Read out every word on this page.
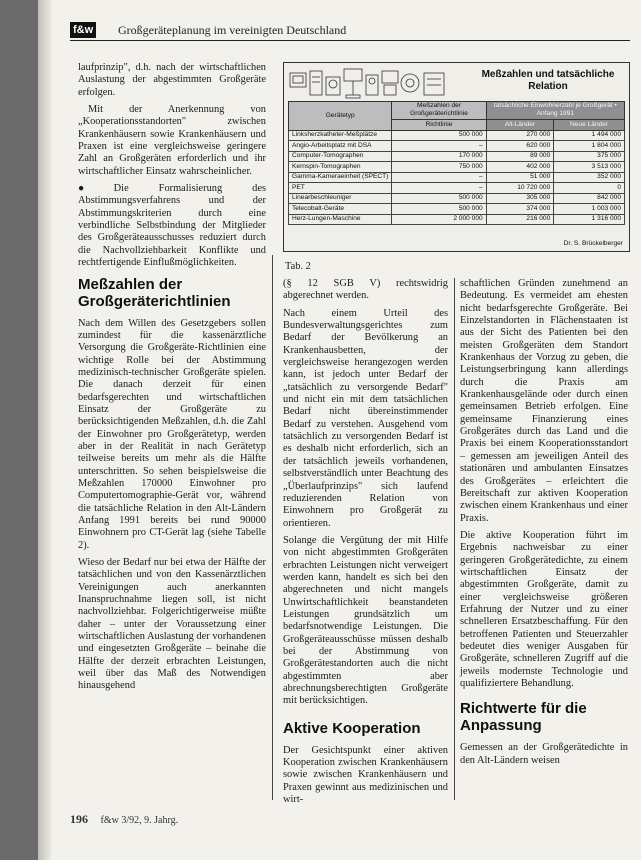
f&w Großgeräteplanung im vereinigten Deutschland

laufprinzip", d.h. nach der wirtschaftlichen Auslastung der abgestimmten Großgeräte erfolgen.

Mit der Anerkennung von „Kooperationsstandorten" zwischen Krankenhäusern sowie Krankenhäusern und Praxen ist eine vergleichsweise geringere Zahl an Großgeräten erforderlich und ihr wirtschaftlicher Einsatz wahrscheinlicher.

● Die Formalisierung des Abstimmungsverfahrens und der Abstimmungskriterien durch eine verbindliche Selbstbindung der Mitglieder des Großgeräteausschusses reduziert durch die Nachvollziehbarkeit Konflikte und rechtfertigende Einflußmöglichkeiten.

Meßzahlen der Großgeräterichtlinien

Nach dem Willen des Gesetzgebers sollen zumindest für die kassenärztliche Versorgung die Großgeräte-Richtlinien eine wichtige Rolle bei der Abstimmung medizinisch-technischer Großgeräte spielen. Die danach derzeit für einen bedarfsgerechten und wirtschaftlichen Einsatz der Großgeräte zu berücksichtigenden Meßzahlen, d.h. die Zahl der Einwohner pro Großgerätetyp, werden aber in der Realität in nach Gerätetyp teilweise bereits um mehr als die Hälfte unterschritten. So sehen beispielsweise die Meßzahlen 170000 Einwohner pro Computertomographie-Gerät vor, während die tatsächliche Relation in den Alt-Ländern Anfang 1991 bereits bei rund 90000 Einwohnern pro CT-Gerät lag (siehe Tabelle 2).

Wieso der Bedarf nur bei etwa der Hälfte der tatsächlichen und von den Kassenärztlichen Vereinigungen auch anerkannten Inanspruchnahme liegen soll, ist nicht nachvollziehbar. Folgerichtigerweise müßte daher – unter der Voraussetzung einer wirtschaftlichen Auslastung der vorhandenen und eingesetzten Großgeräte – beinahe die Hälfte der derzeit erbrachten Leistungen, weil über das Maß des Notwendigen hinausgehend

Meßzahlen und tatsächliche Relation
Gerätetyp	Meßzahlen der Großgeräterichtlinie	tatsächliche Einwohnerzahl je Großgerät • Anfang 1991	
	Richtlinie	Alt-Länder	Neue Länder
Linksherzkatheter-Meßplätze	500 000	270 000	1 494 000
Angio-Arbeitsplatz mit DSA	–	620 000	1 804 000
Computer-Tomographen	170 000	89 000	375 000
Kernspin-Tomographen	750 000	402 000	3 513 000
Gamma-Kameraeinheit (SPECT)	–	51 000	352 000
PET	–	10 720 000	0
Linearbeschleuniger	500 000	305 000	842 000
Telecobalt-Geräte	500 000	374 000	1 003 000
Herz-Lungen-Maschine	2 000 000	216 000	1 316 000
Dr. S. Brückelberger
Tab. 2

(§ 12 SGB V) rechtswidrig abgerechnet werden.

Nach einem Urteil des Bundesverwaltungsgerichtes zum Bedarf der Bevölkerung an Krankenhausbetten, der vergleichsweise herangezogen werden kann, ist jedoch unter Bedarf der „tatsächlich zu versorgende Bedarf" und nicht ein mit dem tatsächlichen Bedarf nicht übereinstimmender Bedarf zu verstehen. Ausgehend vom tatsächlich zu versorgenden Bedarf ist es deshalb nicht erforderlich, sich an der tatsächlich jeweils vorhandenen, selbstverständlich unter Beachtung des „Überlaufprinzips" sich laufend reduzierenden Relation von Einwohnern pro Großgerät zu orientieren.

Solange die Vergütung der mit Hilfe von nicht abgestimmten Großgeräten erbrachten Leistungen nicht verweigert werden kann, handelt es sich bei den abgerechneten und nicht mangels Unwirtschaftlichkeit beanstandeten Leistungen grundsätzlich um bedarfsnotwendige Leistungen. Die Großgeräteausschüsse müssen deshalb bei der Abstimmung von Großgerätestandorten auch die nicht abgestimmten aber abrechnungsberechtigten Großgeräte mit berücksichtigen.

Aktive Kooperation

Der Gesichtspunkt einer aktiven Kooperation zwischen Krankenhäusern sowie zwischen Krankenhäusern und Praxen gewinnt aus medizinischen und wirt-

schaftlichen Gründen zunehmend an Bedeutung. Es vermeidet am ehesten nicht bedarfsgerechte Großgeräte. Bei Einzelstandorten in Flächenstaaten ist aus der Sicht des Patienten bei den meisten Großgeräten dem Standort Krankenhaus der Vorzug zu geben, die Leistungserbringung kann allerdings durch die Praxis am Krankenhausgelände oder durch einen gemeinsamen Betrieb erfolgen. Eine gemeinsame Finanzierung eines Großgerätes durch das Land und die Praxis bei einem Kooperationsstandort – gemessen am jeweiligen Anteil des stationären und ambulanten Einsatzes des Großgerätes – erleichtert die Bereitschaft zur aktiven Kooperation zwischen einem Krankenhaus und einer Praxis.

Die aktive Kooperation führt im Ergebnis nachweisbar zu einer geringeren Großgerätedichte, zu einem wirtschaftlichen Einsatz der abgestimmten Großgeräte, damit zu einer vergleichsweise größeren Erfahrung der Nutzer und zu einer schnelleren Ersatzbeschaffung. Für den betroffenen Patienten und Steuerzahler bedeutet dies weniger Ausgaben für Großgeräte, schnelleren Zugriff auf die jeweils modernste Technologie und qualifiziertere Behandlung.

Richtwerte für die Anpassung

Gemessen an der Großgerätedichte in den Alt-Ländern weisen

196 f&w 3/92, 9. Jahrg.
